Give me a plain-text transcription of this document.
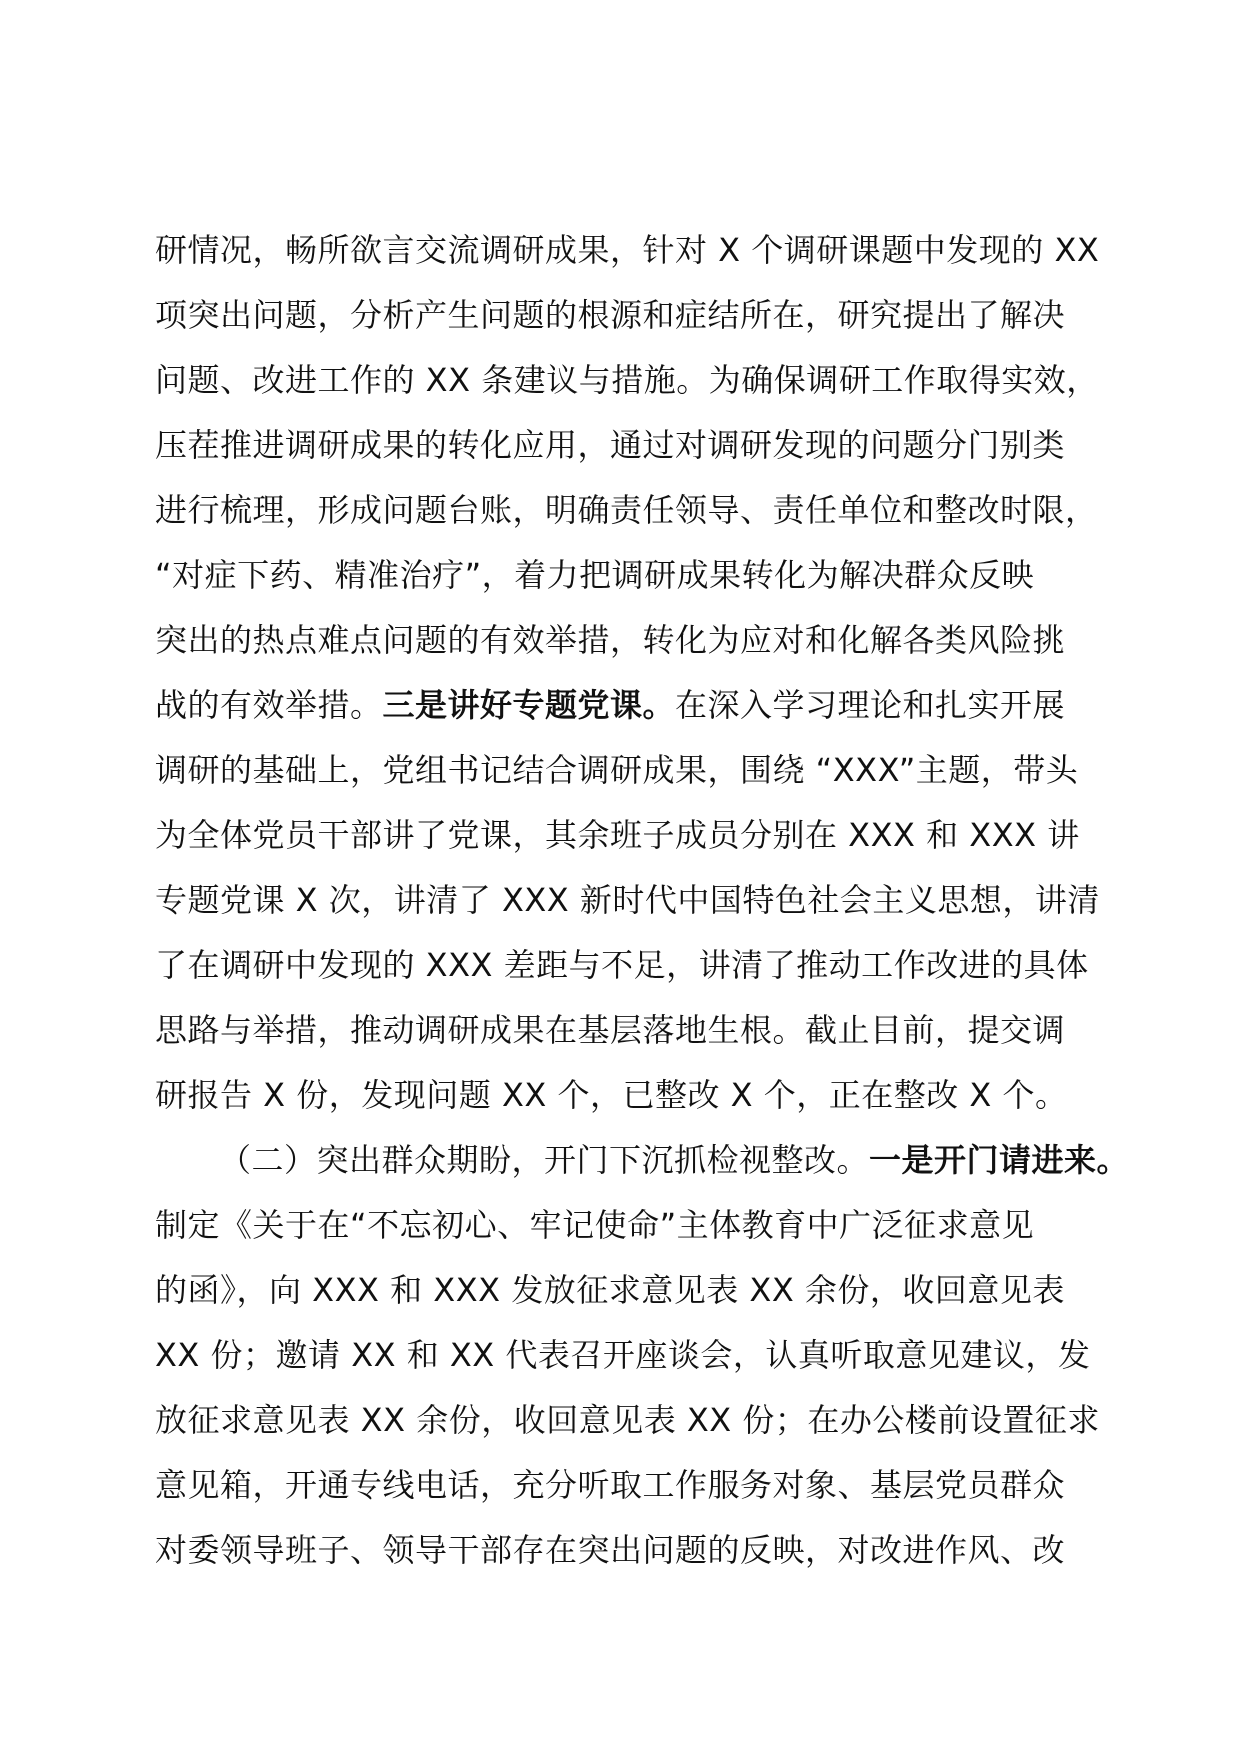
研情况，畅所欲言交流调研成果，针对 X 个调研课题中发现的 XX
项突出问题，分析产生问题的根源和症结所在，研究提出了解决
问题、改进工作的 XX 条建议与措施。为确保调研工作取得实效，
压茬推进调研成果的转化应用，通过对调研发现的问题分门别类
进行梳理，形成问题台账，明确责任领导、责任单位和整改时限，
“对症下药、精准治疗”，着力把调研成果转化为解决群众反映
突出的热点难点问题的有效举措，转化为应对和化解各类风险挑
战的有效举措。三是讲好专题党课。在深入学习理论和扎实开展
调研的基础上，党组书记结合调研成果，围绕 “XXX”主题，带头
为全体党员干部讲了党课，其余班子成员分别在 XXX 和 XXX 讲
专题党课 X 次，讲清了 XXX 新时代中国特色社会主义思想，讲清
了在调研中发现的 XXX 差距与不足，讲清了推动工作改进的具体
思路与举措，推动调研成果在基层落地生根。截止目前，提交调
研报告 X 份，发现问题 XX 个，已整改 X 个，正在整改 X 个。
（二）突出群众期盼，开门下沉抓检视整改。一是开门请进来。
制定《关于在“不忘初心、牢记使命”主体教育中广泛征求意见
的函》，向 XXX 和 XXX 发放征求意见表 XX 余份，收回意见表
XX 份；邀请 XX 和 XX 代表召开座谈会，认真听取意见建议，发
放征求意见表 XX 余份，收回意见表 XX 份；在办公楼前设置征求
意见箱，开通专线电话，充分听取工作服务对象、基层党员群众
对委领导班子、领导干部存在突出问题的反映，对改进作风、改
